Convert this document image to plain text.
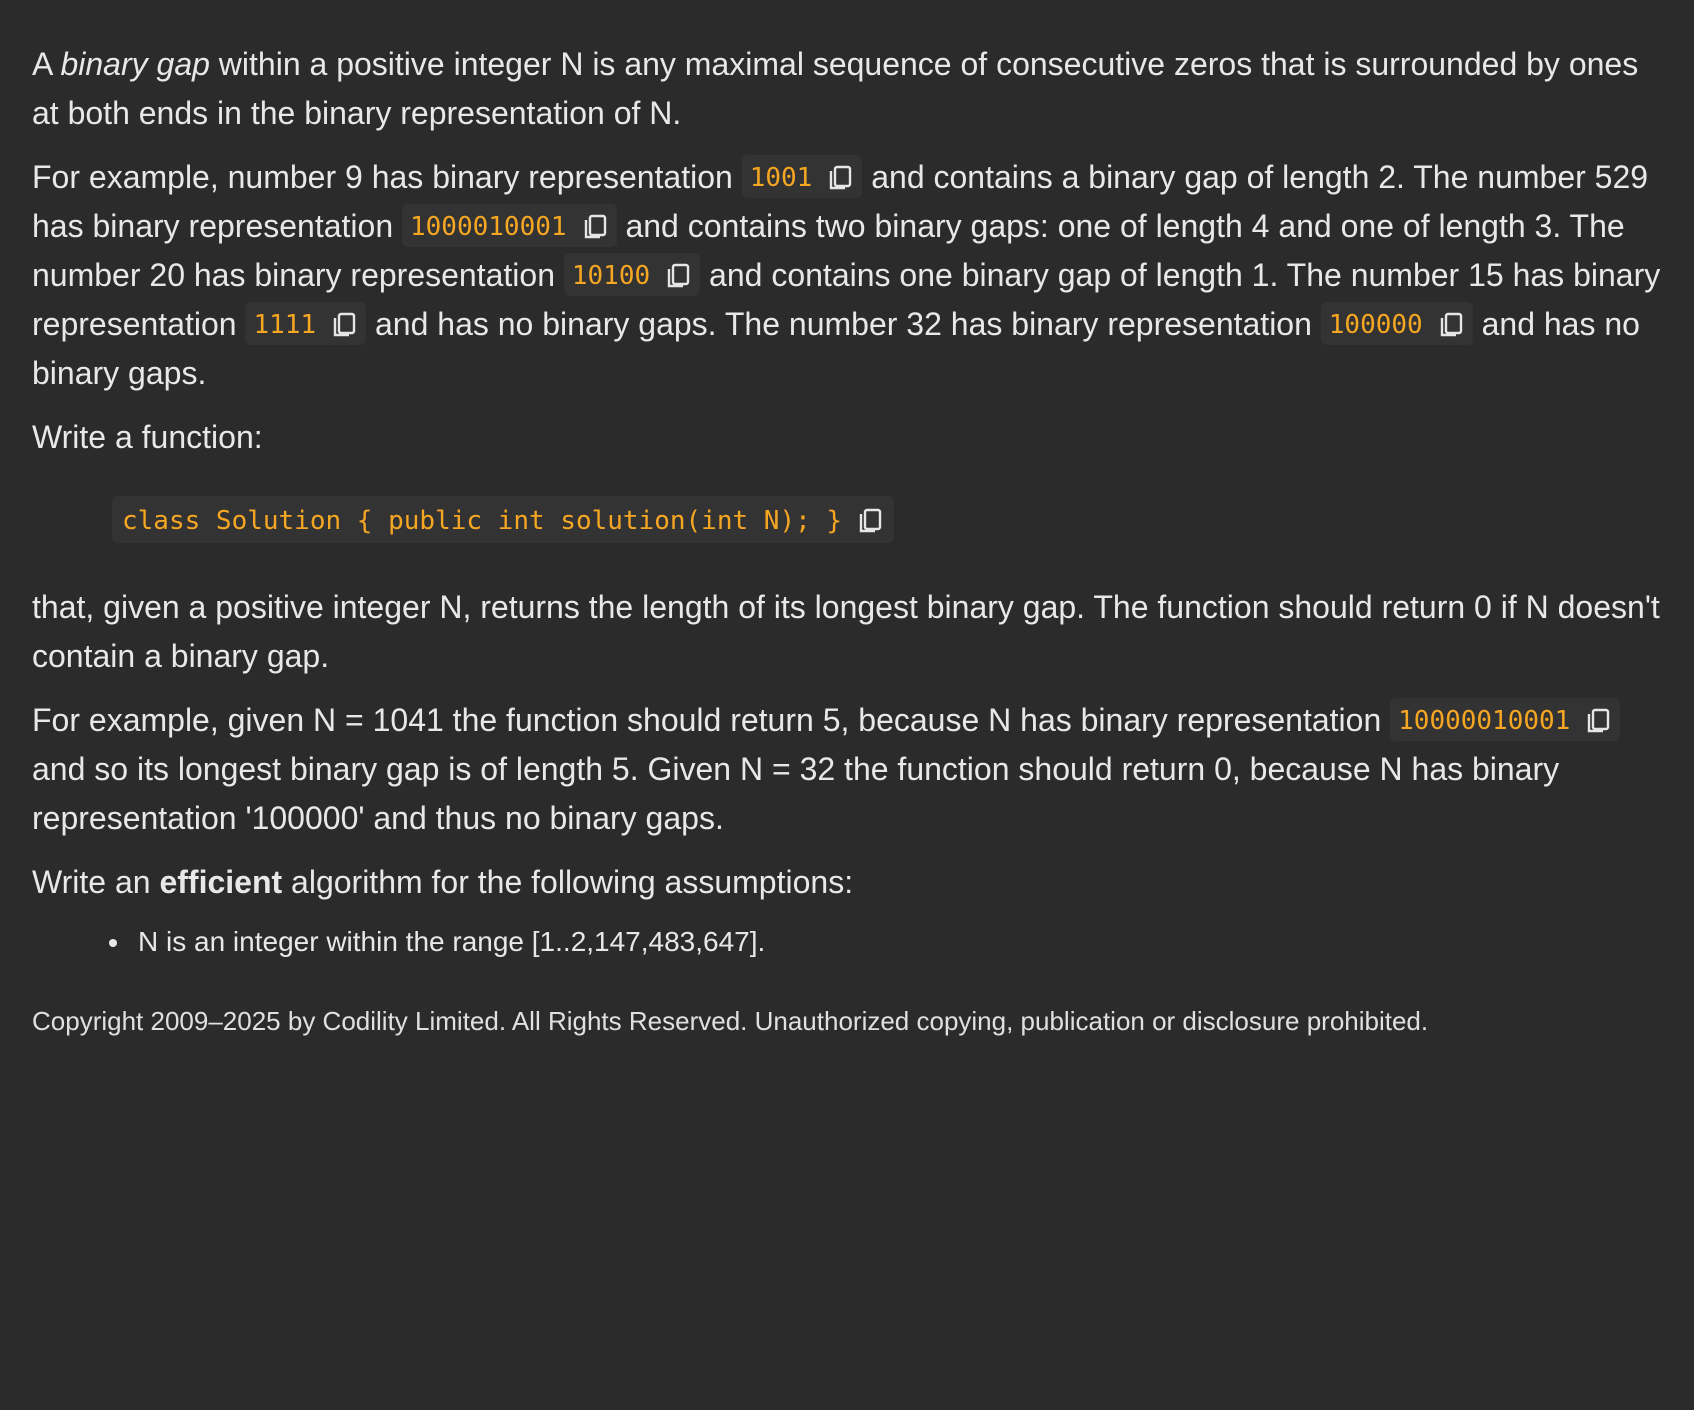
A binary gap within a positive integer N is any maximal sequence of consecutive zeros that is surrounded by ones at both ends in the binary representation of N.

For example, number 9 has binary representation 1001
and contains a binary gap of length 2. The number 529 has binary representation 1000010001
and contains two binary gaps: one of length 4 and one of length 3. The number 20 has binary representation 10100
and contains one binary gap of length 1. The number 15 has binary representation 1111
and has no binary gaps. The number 32 has binary representation 100000
and has no binary gaps.

Write a function:

class Solution { public int solution(int N); }

that, given a positive integer N, returns the length of its longest binary gap. The function should return 0 if N doesn't contain a binary gap.

For example, given N = 1041 the function should return 5, because N has binary representation 10000010001
and so its longest binary gap is of length 5. Given N = 32 the function should return 0, because N has binary representation '100000' and thus no binary gaps.

Write an efficient algorithm for the following assumptions:

• N is an integer within the range [1..2,147,483,647].
Copyright 2009–2025 by Codility Limited. All Rights Reserved. Unauthorized copying, publication or disclosure prohibited.
